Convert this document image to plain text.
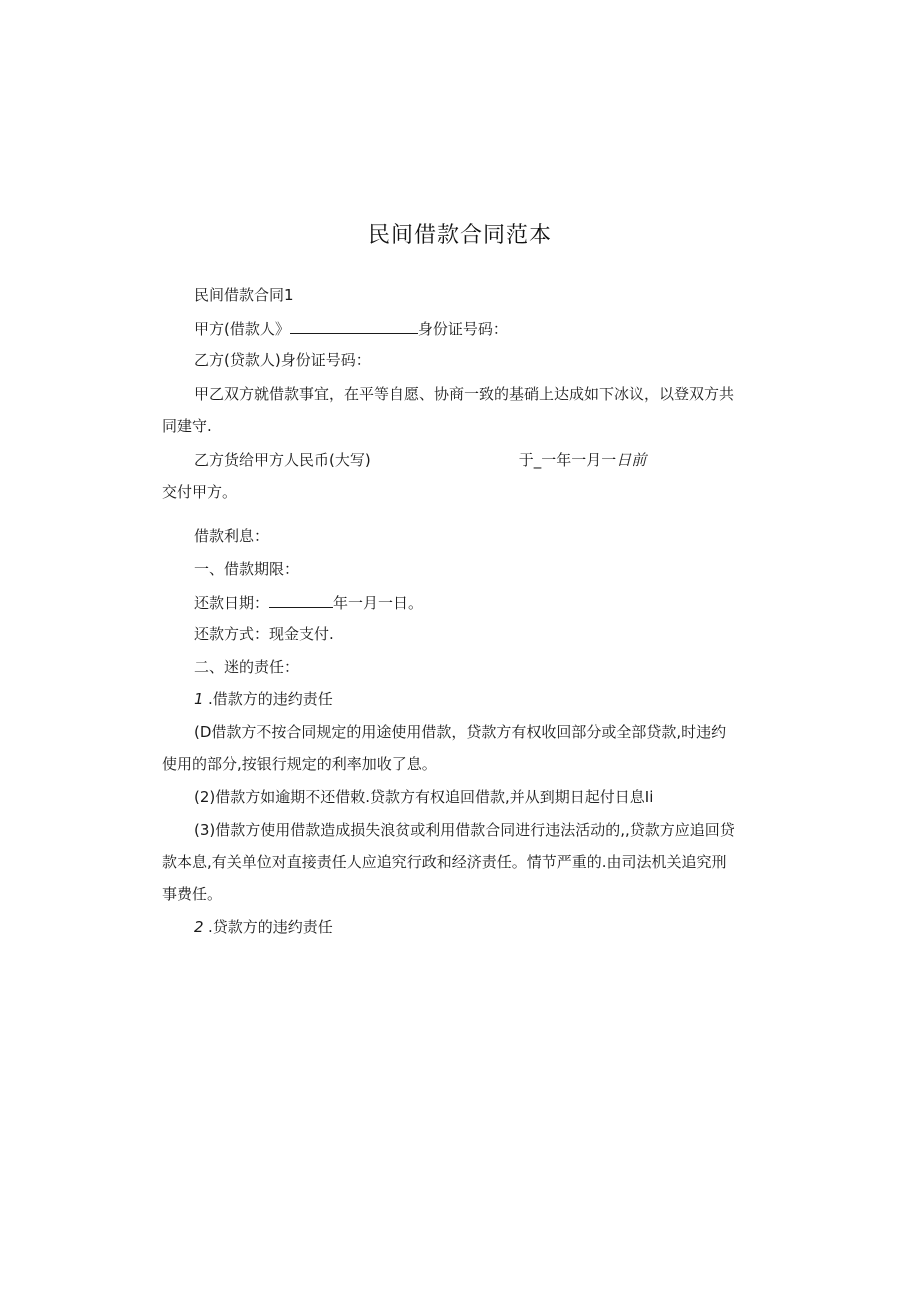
民间借款合同范本
民间借款合同1
甲方(借款人》	身份证号码：
乙方(贷款人)身份证号码：
甲乙双方就借款事宜，在平等自愿、协商一致的基硝上达成如下冰议，以登双方共
同建守.
乙方货给甲方人民币(大写)	于_一年一月一日前
交付甲方。
借款利息：
一、借款期限：
还款日期：	年一月一日。
还款方式：现金支付.
二、迷的责任：
1 .借款方的违约责任
(D借款方不按合同规定的用途使用借款，贷款方有权收回部分或全部贷款,时违约
使用的部分,按银行规定的利率加收了息。
(2)借款方如逾期不还借敕.贷款方有权追回借款,并从到期日起付日息Ii
(3)借款方使用借款造成损失浪贫或利用借款合同进行违法活动的,,贷款方应追回贷
款本息,有关单位对直接责任人应追究行政和经济责任。情节严重的.由司法机关追究刑
事费任。
2 .贷款方的违约责任
